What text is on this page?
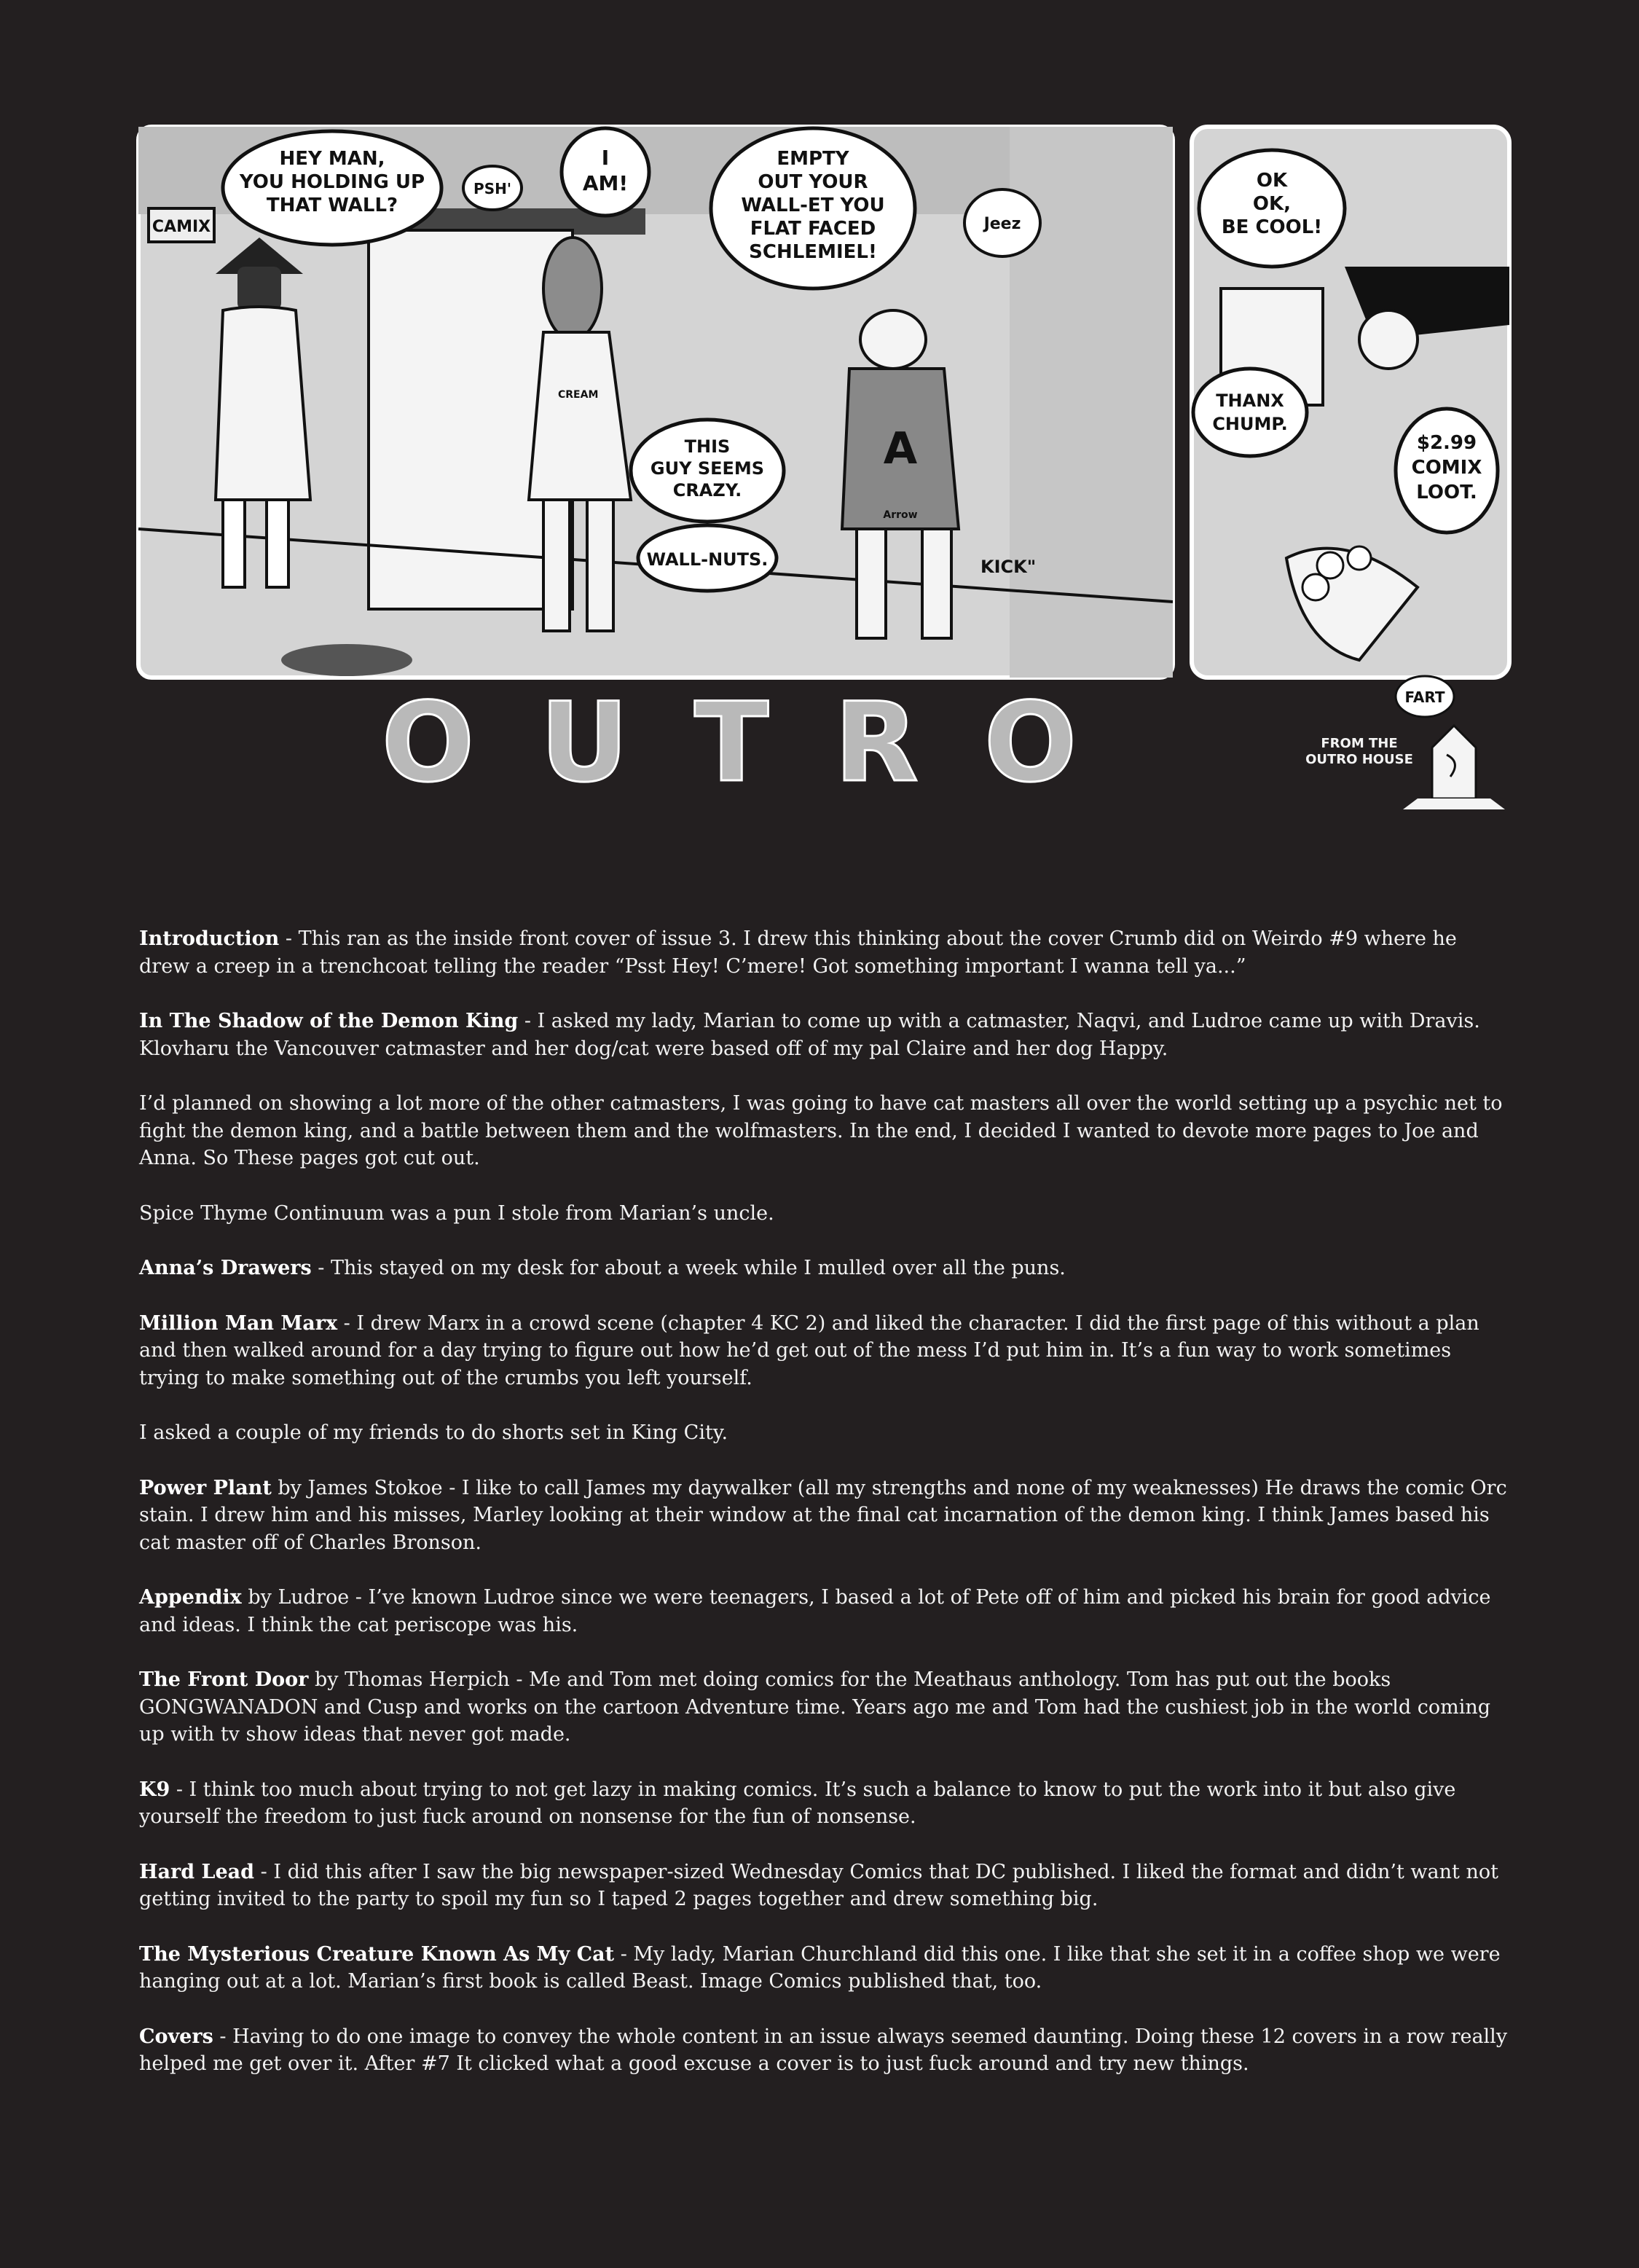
CAMIX
CREAM
A
Arrow
KICK"
HEY MAN,
YOU HOLDING UP
THAT WALL?
PSH'
I
AM!
EMPTY
OUT YOUR
WALL-ET YOU
FLAT FACED
SCHLEMIEL!
Jeez
THIS
GUY SEEMS
CRAZY.
WALL-NUTS.
OK
OK,
BE COOL!
THANX
CHUMP.
$2.99
COMIX
LOOT.
OUTRO	FART
FROM THE
OUTRO HOUSE

Introduction - This ran as the inside front cover of issue 3. I drew this thinking about the cover Crumb did on Weirdo #9 where he drew a creep in a trenchcoat telling the reader “Psst Hey! C’mere! Got something important I wanna tell ya...”

In The Shadow of the Demon King - I asked my lady, Marian to come up with a catmaster, Naqvi, and Ludroe came up with Dravis. Klovharu the Vancouver catmaster and her dog/cat were based off of my pal Claire and her dog Happy.

I’d planned on showing a lot more of the other catmasters, I was going to have cat masters all over the world setting up a psychic net to fight the demon king, and a battle between them and the wolfmasters. In the end, I decided I wanted to devote more pages to Joe and Anna. So These pages got cut out.

Spice Thyme Continuum was a pun I stole from Marian’s uncle.

Anna’s Drawers - This stayed on my desk for about a week while I mulled over all the puns.

Million Man Marx - I drew Marx in a crowd scene (chapter 4 KC 2) and liked the character. I did the first page of this without a plan and then walked around for a day trying to figure out how he’d get out of the mess I’d put him in. It’s a fun way to work sometimes trying to make something out of the crumbs you left yourself.

I asked a couple of my friends to do shorts set in King City.

Power Plant by James Stokoe - I like to call James my daywalker (all my strengths and none of my weaknesses) He draws the comic Orc stain. I drew him and his misses, Marley looking at their window at the final cat incarnation of the demon king. I think James based his cat master off of Charles Bronson.

Appendix by Ludroe - I’ve known Ludroe since we were teenagers, I based a lot of Pete off of him and picked his brain for good advice and ideas. I think the cat periscope was his.

The Front Door by Thomas Herpich - Me and Tom met doing comics for the Meathaus anthology. Tom has put out the books GONGWANADON and Cusp and works on the cartoon Adventure time. Years ago me and Tom had the cushiest job in the world coming up with tv show ideas that never got made.

K9 - I think too much about trying to not get lazy in making comics. It’s such a balance to know to put the work into it but also give yourself the freedom to just fuck around on nonsense for the fun of nonsense.

Hard Lead - I did this after I saw the big newspaper-sized Wednesday Comics that DC published. I liked the format and didn’t want not getting invited to the party to spoil my fun so I taped 2 pages together and drew something big.

The Mysterious Creature Known As My Cat - My lady, Marian Churchland did this one. I like that she set it in a coffee shop we were hanging out at a lot. Marian’s first book is called Beast. Image Comics published that, too.

Covers - Having to do one image to convey the whole content in an issue always seemed daunting. Doing these 12 covers in a row really helped me get over it. After #7 It clicked what a good excuse a cover is to just fuck around and try new things.
